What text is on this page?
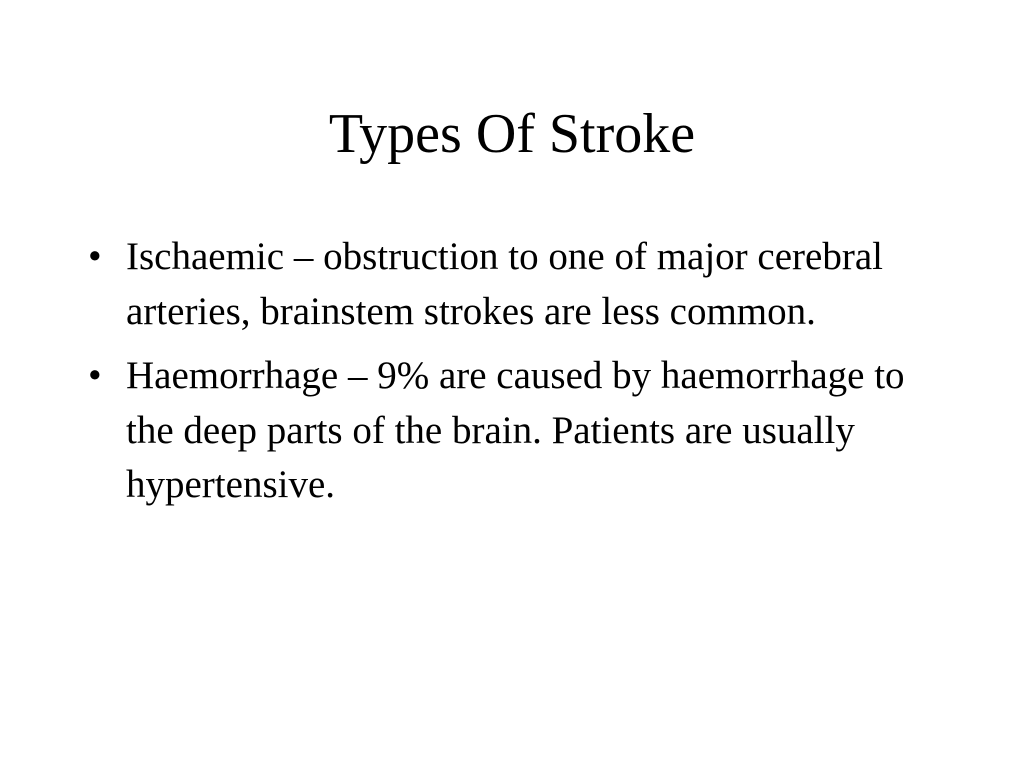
Types Of Stroke
• Ischaemic – obstruction to one of major cerebral arteries, brainstem strokes are less common.
• Haemorrhage – 9% are caused by haemorrhage to the deep parts of the brain. Patients are usually hypertensive.
